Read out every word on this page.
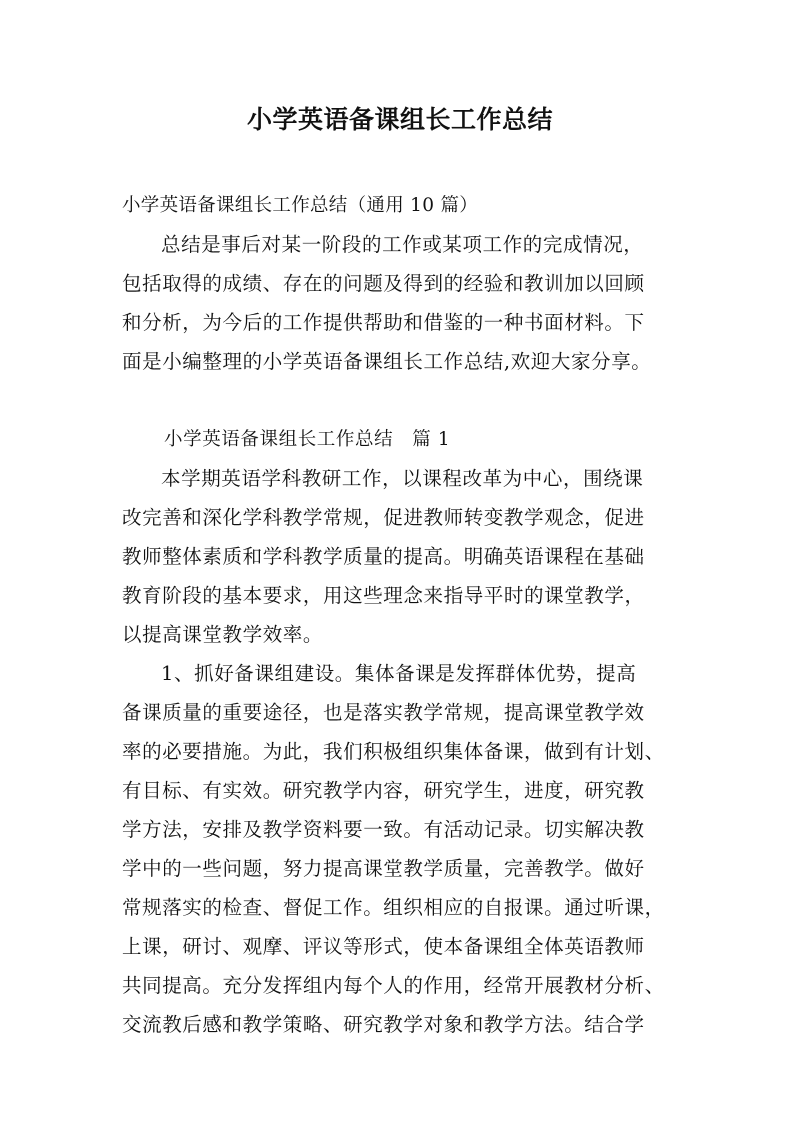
小学英语备课组长工作总结
小学英语备课组长工作总结（通用 10 篇）
总结是事后对某一阶段的工作或某项工作的完成情况，
包括取得的成绩、存在的问题及得到的经验和教训加以回顾
和分析，为今后的工作提供帮助和借鉴的一种书面材料。下
面是小编整理的小学英语备课组长工作总结,欢迎大家分享。
小学英语备课组长工作总结　篇 1
本学期英语学科教研工作，以课程改革为中心，围绕课
改完善和深化学科教学常规，促进教师转变教学观念，促进
教师整体素质和学科教学质量的提高。明确英语课程在基础
教育阶段的基本要求，用这些理念来指导平时的课堂教学，
以提高课堂教学效率。
1、抓好备课组建设。集体备课是发挥群体优势，提高
备课质量的重要途径，也是落实教学常规，提高课堂教学效
率的必要措施。为此，我们积极组织集体备课，做到有计划、
有目标、有实效。研究教学内容，研究学生，进度，研究教
学方法，安排及教学资料要一致。有活动记录。切实解决教
学中的一些问题，努力提高课堂教学质量，完善教学。做好
常规落实的检查、督促工作。组织相应的自报课。通过听课，
上课，研讨、观摩、评议等形式，使本备课组全体英语教师
共同提高。充分发挥组内每个人的作用，经常开展教材分析、
交流教后感和教学策略、研究教学对象和教学方法。结合学
